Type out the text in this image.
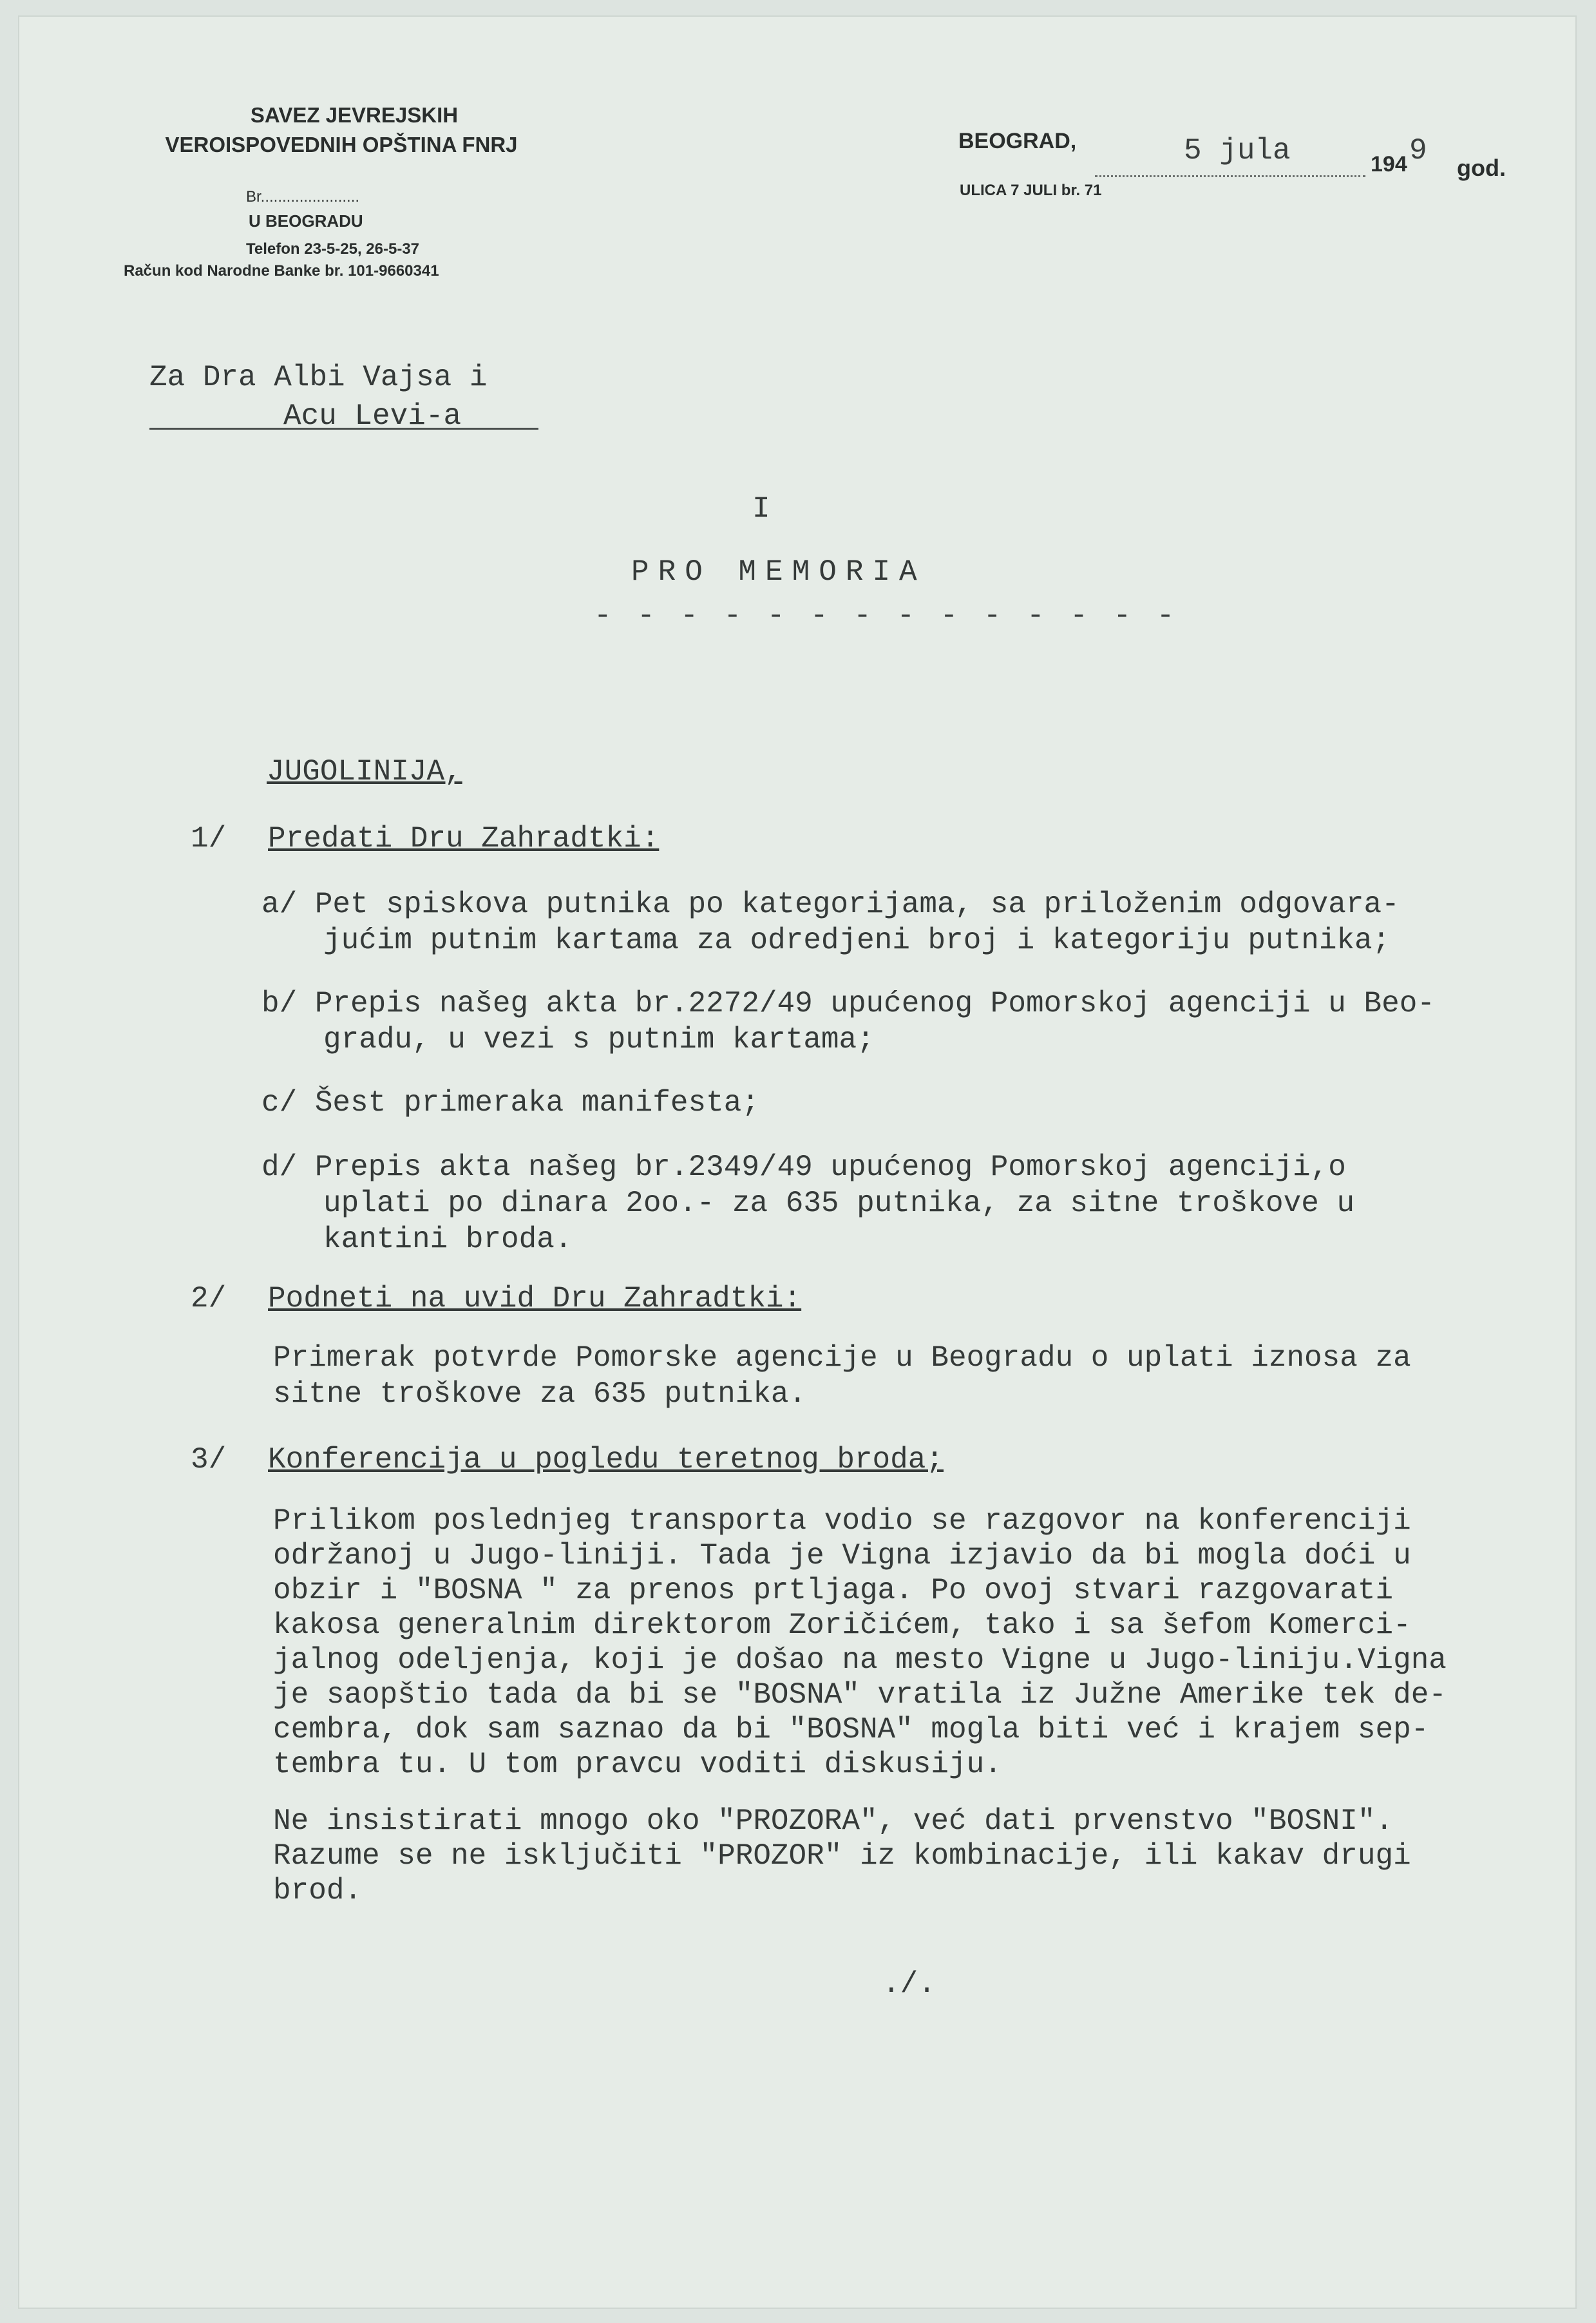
SAVEZ JEVREJSKIH
VEROISPOVEDNIH OPŠTINA FNRJ
Br.......................
U BEOGRADU
Telefon 23-5-25, 26-5-37
Račun kod Narodne Banke br. 101-9660341
BEOGRAD,	5 jula	194 9
god.
ULICA 7 JULI br. 71
Za Dra Albi Vajsa i
Acu Levi-a
I
PRO MEMORIA
- - - - - - - - - - - - - -
JUGOLINIJA,
1/ Predati Dru Zahradtki:
a/ Pet spiskova putnika po kategorijama, sa priloženim odgovara-
jućim putnim kartama za odredjeni broj i kategoriju putnika;
b/ Prepis našeg akta br.2272/49 upućenog Pomorskoj agenciji u Beo-
gradu, u vezi s putnim kartama;
c/ Šest primeraka manifesta;
d/ Prepis akta našeg br.2349/49 upućenog Pomorskoj agenciji,o
uplati po dinara 2oo.- za 635 putnika, za sitne troškove u
kantini broda.
2/ Podneti na uvid Dru Zahradtki:
Primerak potvrde Pomorske agencije u Beogradu o uplati iznosa za
sitne troškove za 635 putnika.
3/ Konferencija u pogledu teretnog broda;
Prilikom poslednjeg transporta vodio se razgovor na konferenciji
održanoj u Jugo-liniji. Tada je Vigna izjavio da bi mogla doći u
obzir i "BOSNA " za prenos prtljaga. Po ovoj stvari razgovarati
kakosa generalnim direktorom Zoričićem, tako i sa šefom Komerci-
jalnog odeljenja, koji je došao na mesto Vigne u Jugo-liniju.Vigna
je saopštio tada da bi se "BOSNA" vratila iz Južne Amerike tek de-
cembra, dok sam saznao da bi "BOSNA" mogla biti već i krajem sep-
tembra tu. U tom pravcu voditi diskusiju.
Ne insistirati mnogo oko "PROZORA", već dati prvenstvo "BOSNI".
Razume se ne isključiti "PROZOR" iz kombinacije, ili kakav drugi
brod.
./.
